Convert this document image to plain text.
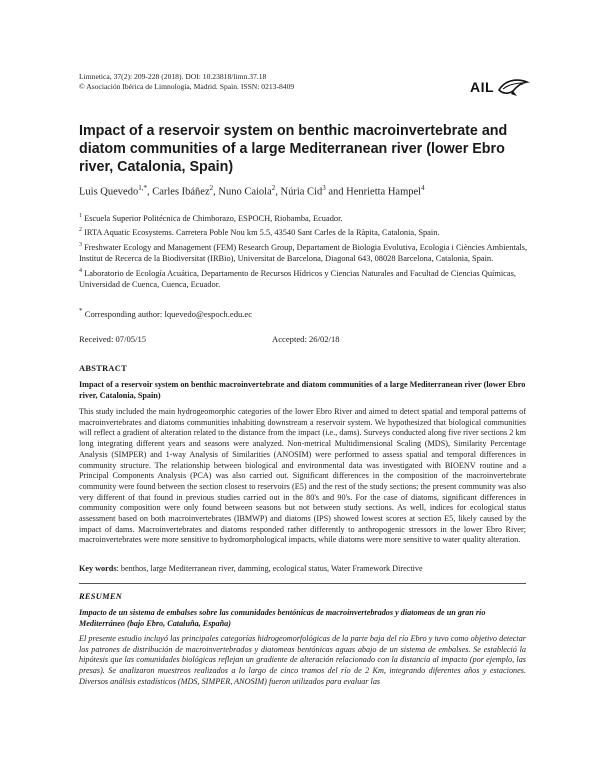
Limnetica, 37(2): 209-228 (2018). DOI: 10.23818/limn.37.18
© Asociación Ibérica de Limnología, Madrid. Spain. ISSN: 0213-8409	AIL
Impact of a reservoir system on benthic macroinvertebrate and diatom communities of a large Mediterranean river (lower Ebro river, Catalonia, Spain)
Luis Quevedo$^{1,*}$, Carles Ibáñez$^2$, Nuno Caiola$^2$, Núria Cid$^3$ and Henrietta Hampel$^4$
$^1$ Escuela Superior Politécnica de Chimborazo, ESPOCH, Riobamba, Ecuador.
$^2$ IRTA Aquatic Ecosystems. Carretera Poble Nou km 5.5, 43540 Sant Carles de la Ràpita, Catalonia, Spain.
$^3$ Freshwater Ecology and Management (FEM) Research Group, Departament de Biologia Evolutiva, Ecologia i Ciències Ambientals, Institut de Recerca de la Biodiversitat (IRBio), Universitat de Barcelona, Diagonal 643, 08028 Barcelona, Catalonia, Spain.
$^4$ Laboratorio de Ecología Acuática, Departamento de Recursos Hídricos y Ciencias Naturales and Facultad de Ciencias Químicas, Universidad de Cuenca, Cuenca, Ecuador.
* Corresponding author: lquevedo@espoch.edu.ec
Received: 07/05/15	Accepted: 26/02/18
ABSTRACT
Impact of a reservoir system on benthic macroinvertebrate and diatom communities of a large Mediterranean river (lower Ebro river, Catalonia, Spain)
This study included the main hydrogeomorphic categories of the lower Ebro River and aimed to detect spatial and temporal patterns of macroinvertebrates and diatoms communities inhabiting downstream a reservoir system. We hypothesized that biological communities will reflect a gradient of alteration related to the distance from the impact (i.e., dams). Surveys conducted along five river sections 2 km long integrating different years and seasons were analyzed. Non-metrical Multidimensional Scaling (MDS), Similarity Percentage Analysis (SIMPER) and 1-way Analysis of Similarities (ANOSIM) were performed to assess spatial and temporal differences in community structure. The relationship between biological and environmental data was investigated with BIOENV routine and a Principal Components Analysis (PCA) was also carried out. Significant differences in the composition of the macroinvertebrate community were found between the section closest to reservoirs (E5) and the rest of the study sections; the present community was also very different of that found in previous studies carried out in the 80's and 90's. For the case of diatoms, significant differences in community composition were only found between seasons but not between study sections. As well, indices for ecological status assessment based on both macroinvertebrates (IBMWP) and diatoms (IPS) showed lowest scores at section E5, likely caused by the impact of dams. Macroinvertebrates and diatoms responded rather differently to anthropogenic stressors in the lower Ebro River; macroinvertebrates were more sensitive to hydromorphological impacts, while diatoms were more sensitive to water quality alteration.
Key words: benthos, large Mediterranean river, damming, ecological status, Water Framework Directive
RESUMEN
Impacto de un sistema de embalses sobre las comunidades bentónicas de macroinvertebrados y diatomeas de un gran río Mediterráneo (bajo Ebro, Cataluña, España)
El presente estudio incluyó las principales categorías hidrogeomorfológicas de la parte baja del río Ebro y tuvo como objetivo detectar los patrones de distribución de macroinvertebrados y diatomeas bentónicas aguas abajo de un sistema de embalses. Se estableció la hipótesis que las comunidades biológicas reflejan un gradiente de alteración relacionado con la distancia al impacto (por ejemplo, las presas). Se analizaron muestreos realizados a lo largo de cinco tramos del río de 2 Km, integrando diferentes años y estaciones. Diversos análisis estadísticos (MDS, SIMPER, ANOSIM) fueron utilizados para evaluar las
